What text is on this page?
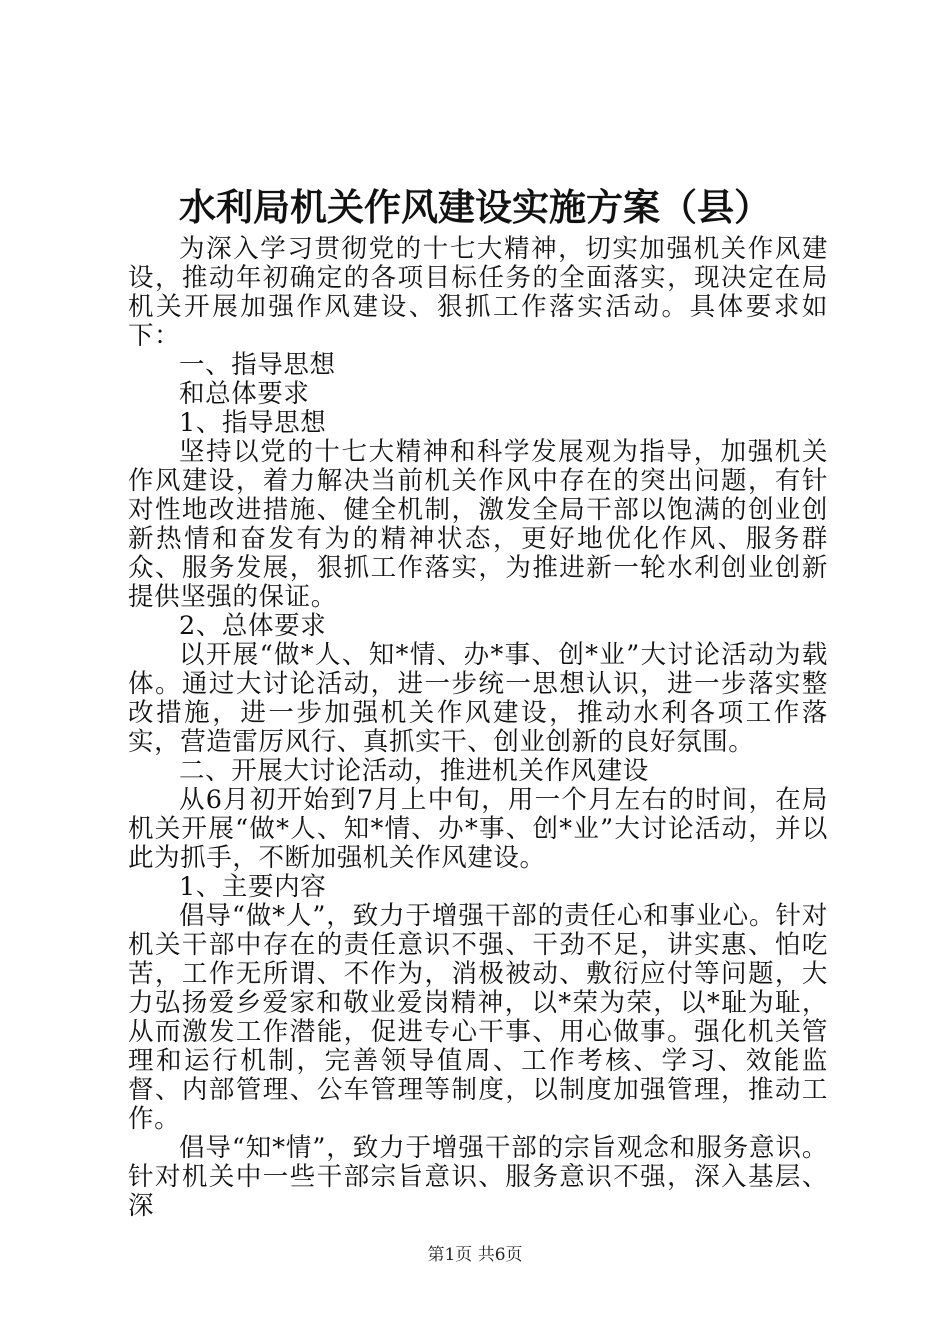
水利局机关作风建设实施方案（县）

为深入学习贯彻党的十七大精神，切实加强机关作风建设，推动年初确定的各项目标任务的全面落实，现决定在局机关开展加强作风建设、狠抓工作落实活动。具体要求如下：

一、指导思想

和总体要求

1、指导思想

坚持以党的十七大精神和科学发展观为指导，加强机关作风建设，着力解决当前机关作风中存在的突出问题，有针对性地改进措施、健全机制，激发全局干部以饱满的创业创新热情和奋发有为的精神状态，更好地优化作风、服务群众、服务发展，狠抓工作落实，为推进新一轮水利创业创新提供坚强的保证。

2、总体要求

以开展“做*人、知*情、办*事、创*业”大讨论活动为载体。通过大讨论活动，进一步统一思想认识，进一步落实整改措施，进一步加强机关作风建设，推动水利各项工作落实，营造雷厉风行、真抓实干、创业创新的良好氛围。

二、开展大讨论活动，推进机关作风建设

从6月初开始到7月上中旬，用一个月左右的时间，在局机关开展“做*人、知*情、办*事、创*业”大讨论活动，并以此为抓手，不断加强机关作风建设。

1、主要内容

倡导“做*人”，致力于增强干部的责任心和事业心。针对机关干部中存在的责任意识不强、干劲不足，讲实惠、怕吃苦，工作无所谓、不作为，消极被动、敷衍应付等问题，大力弘扬爱乡爱家和敬业爱岗精神，以*荣为荣，以*耻为耻，从而激发工作潜能，促进专心干事、用心做事。强化机关管理和运行机制，完善领导值周、工作考核、学习、效能监督、内部管理、公车管理等制度，以制度加强管理，推动工作。

倡导“知*情”，致力于增强干部的宗旨观念和服务意识。针对机关中一些干部宗旨意识、服务意识不强，深入基层、深

第1页 共6页
